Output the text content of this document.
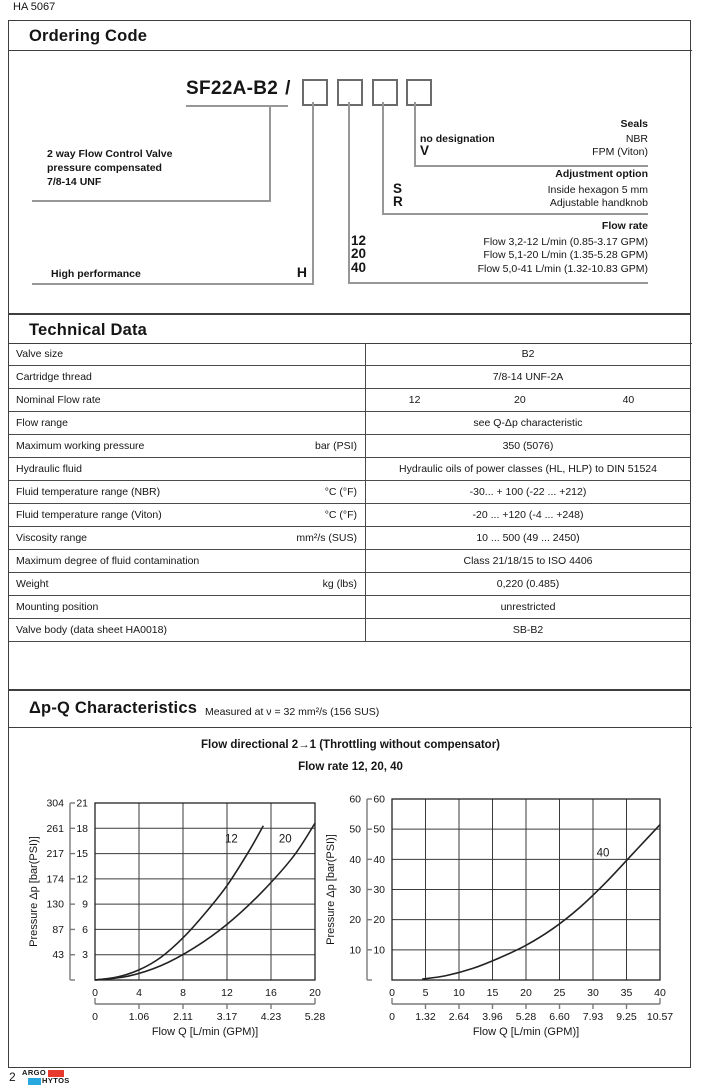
HA 5067
Ordering Code
SF22A-B2 /
2 way Flow Control Valve
pressure compensated
7/8-14 UNF
Seals
no designation	NBR
V	FPM (Viton)
Adjustment option
S	Inside hexagon 5 mm
R	Adjustable handknob
Flow rate
12	Flow 3,2-12 L/min (0.85-3.17 GPM)
20	Flow 5,1-20 L/min (1.35-5.28 GPM)
40	Flow 5,0-41 L/min (1.32-10.83 GPM)
High performance	H
Technical Data
Valve size	B2
Cartridge thread	7/8-14 UNF-2A
Nominal Flow rate	12	20	40
Flow range	see Q-Δp characteristic
Maximum working pressure	bar (PSI)	350 (5076)
Hydraulic fluid	Hydraulic oils of power classes (HL, HLP) to DIN 51524
Fluid temperature range (NBR)	°C (°F)	-30... + 100 (-22 ... +212)
Fluid temperature range (Viton)	°C (°F)	-20 ... +120 (-4 ... +248)
Viscosity range	mm²/s (SUS)	10 ... 500 (49 ... 2450)
Maximum degree of fluid contamination	Class 21/18/15 to ISO 4406
Weight	kg (lbs)	0,220 (0.485)
Mounting position	unrestricted
Valve body (data sheet HA0018)	SB-B2
Δp-Q Characteristics Measured at ν = 32 mm²/s (156 SUS)
Flow directional 2→1 (Throttling without compensator)
Flow rate 12, 20, 40
0	4	8	12	16	20
0	1.06 2.11 3.17 4.23 5.28
Flow Q [L/min (GPM)]
3
6
9
12
15
18
21
43
87
130
174
217
261
304
Pressure Δp [bar(PSI)]	12	20
0	5 10 15 20 25 30 35 40
0 1.32 2.64 3.96 5.28 6.60 7.93 9.25 10.57
Flow Q [L/min (GPM)]
10
20
30
40
50
60
10
20
30
40
50
60
Pressure Δp [bar(PSI)]	40
2 ARGO
HYTOS
